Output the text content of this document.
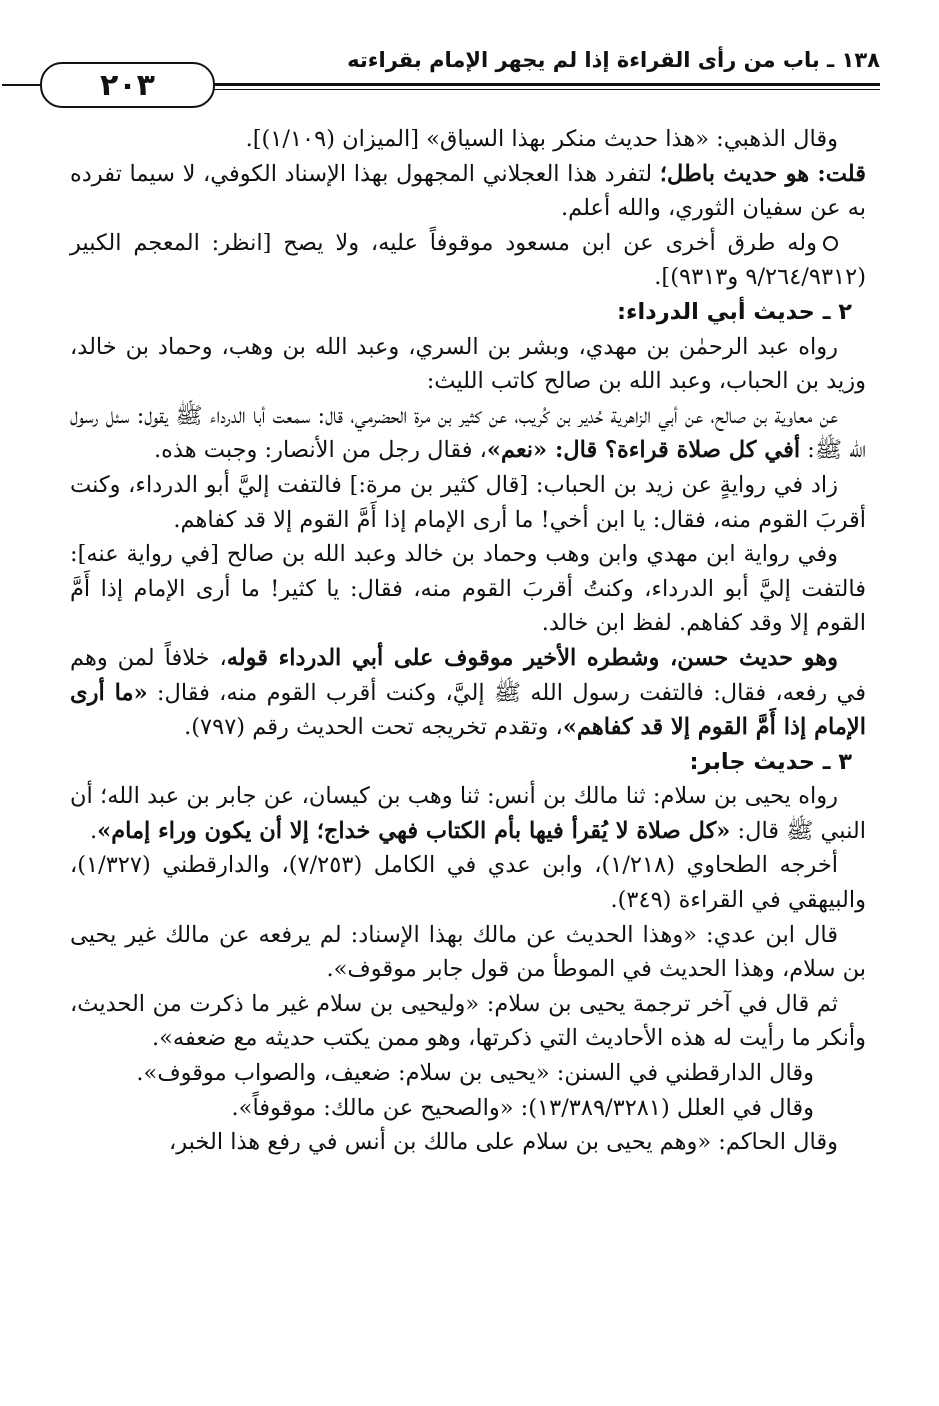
١٣٨ ـ باب من رأى القراءة إذا لم يجهر الإمام بقراءته
٢٠٣

وقال الذهبي: «هذا حديث منكر بهذا السياق» [الميزان (١/١٠٩)].

قلت: هو حديث باطل؛ لتفرد هذا العجلاني المجهول بهذا الإسناد الكوفي، لا سيما تفرده به عن سفيان الثوري، والله أعلم.

وله طرق أخرى عن ابن مسعود موقوفاً عليه، ولا يصح [انظر: المعجم الكبير (٩/٢٦٤/٩٣١٢ و٩٣١٣)].

٢ ـ حديث أبي الدرداء:

رواه عبد الرحمٰن بن مهدي، وبشر بن السري، وعبد الله بن وهب، وحماد بن خالد، وزيد بن الحباب، وعبد الله بن صالح كاتب الليث:

عن معاوية بن صالح، عن أبي الزاهرية حُدير بن كُريب، عن كثير بن مرة الحضرمي، قال: سمعت أبا الدرداء ﷺ يقول: سئل رسول الله ﷺ: أفي كل صلاة قراءة؟ قال: «نعم»، فقال رجل من الأنصار: وجبت هذه.

زاد في روايةٍ عن زيد بن الحباب: [قال كثير بن مرة:] فالتفت إليَّ أبو الدرداء، وكنت أقربَ القوم منه، فقال: يا ابن أخي! ما أرى الإمام إذا أَمَّ القوم إلا قد كفاهم.

وفي رواية ابن مهدي وابن وهب وحماد بن خالد وعبد الله بن صالح [في رواية عنه]: فالتفت إليَّ أبو الدرداء، وكنتُ أقربَ القوم منه، فقال: يا كثير! ما أرى الإمام إذا أَمَّ القوم إلا وقد كفاهم. لفظ ابن خالد.

وهو حديث حسن، وشطره الأخير موقوف على أبي الدرداء قوله، خلافاً لمن وهم في رفعه، فقال: فالتفت رسول الله ﷺ إليَّ، وكنت أقرب القوم منه، فقال: «ما أرى الإمام إذا أَمَّ القوم إلا قد كفاهم»، وتقدم تخريجه تحت الحديث رقم (٧٩٧).

٣ ـ حديث جابر:

رواه يحيى بن سلام: ثنا مالك بن أنس: ثنا وهب بن كيسان، عن جابر بن عبد الله؛ أن النبي ﷺ قال: «كل صلاة لا يُقرأ فيها بأم الكتاب فهي خداج؛ إلا أن يكون وراء إمام».

أخرجه الطحاوي (١/٢١٨)، وابن عدي في الكامل (٧/٢٥٣)، والدارقطني (١/٣٢٧)، والبيهقي في القراءة (٣٤٩).

قال ابن عدي: «وهذا الحديث عن مالك بهذا الإسناد: لم يرفعه عن مالك غير يحيى بن سلام، وهذا الحديث في الموطأ من قول جابر موقوف».

ثم قال في آخر ترجمة يحيى بن سلام: «وليحيى بن سلام غير ما ذكرت من الحديث، وأنكر ما رأيت له هذه الأحاديث التي ذكرتها، وهو ممن يكتب حديثه مع ضعفه».

وقال الدارقطني في السنن: «يحيى بن سلام: ضعيف، والصواب موقوف».

وقال في العلل (١٣/٣٨٩/٣٢٨١): «والصحيح عن مالك: موقوفاً».

وقال الحاكم: «وهم يحيى بن سلام على مالك بن أنس في رفع هذا الخبر،
